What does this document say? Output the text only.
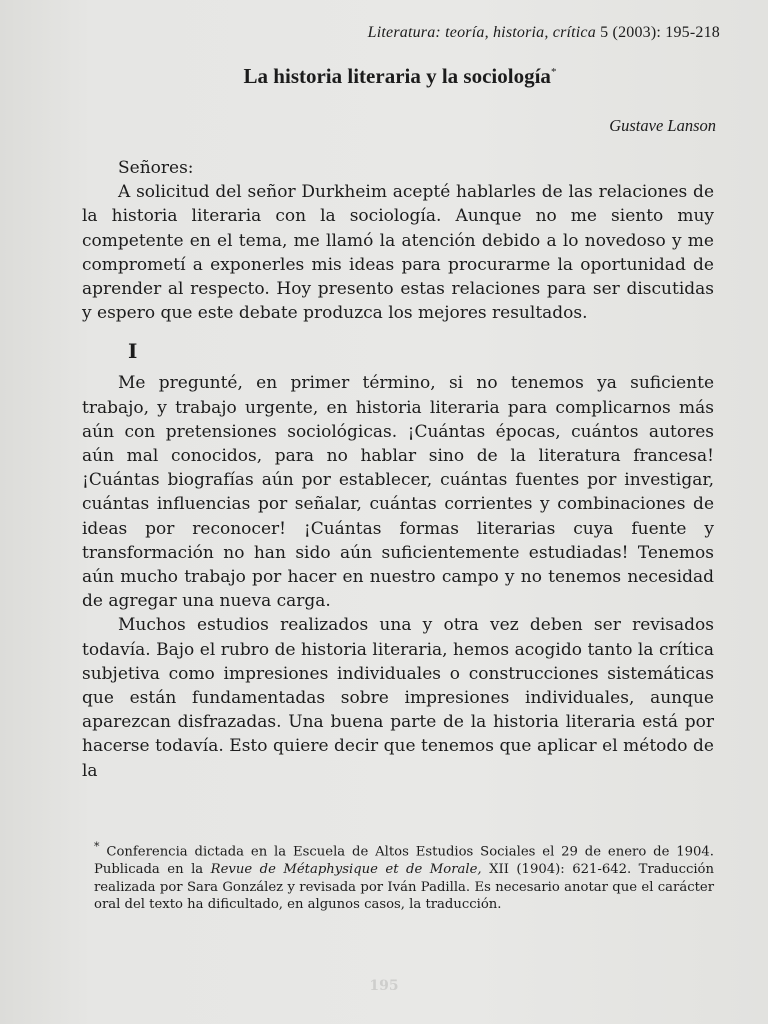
Literatura: teoría, historia, crítica 5 (2003): 195-218
La historia literaria y la sociología*
Gustave Lanson

Señores:

A solicitud del señor Durkheim acepté hablarles de las relaciones de la historia literaria con la sociología. Aunque no me siento muy competente en el tema, me llamó la atención debido a lo novedoso y me comprometí a exponerles mis ideas para procurarme la oportunidad de aprender al respecto. Hoy presento estas relaciones para ser discutidas y espero que este debate produzca los mejores resultados.

I

Me pregunté, en primer término, si no tenemos ya suficiente trabajo, y trabajo urgente, en historia literaria para complicarnos más aún con pretensiones sociológicas. ¡Cuántas épocas, cuántos autores aún mal conocidos, para no hablar sino de la literatura francesa! ¡Cuántas biografías aún por establecer, cuántas fuentes por investigar, cuántas influencias por señalar, cuántas corrientes y combinaciones de ideas por reconocer! ¡Cuántas formas literarias cuya fuente y transformación no han sido aún suficientemente estudiadas! Tenemos aún mucho trabajo por hacer en nuestro campo y no tenemos necesidad de agregar una nueva carga.

Muchos estudios realizados una y otra vez deben ser revisados todavía. Bajo el rubro de historia literaria, hemos acogido tanto la crítica subjetiva como impresiones individuales o construcciones sistemáticas que están fundamentadas sobre impresiones individuales, aunque aparezcan disfrazadas. Una buena parte de la historia literaria está por hacerse todavía. Esto quiere decir que tenemos que aplicar el método de la

* Conferencia dictada en la Escuela de Altos Estudios Sociales el 29 de enero de 1904. Publicada en la Revue de Métaphysique et de Morale, XII (1904): 621-642. Traducción realizada por Sara González y revisada por Iván Padilla. Es necesario anotar que el carácter oral del texto ha dificultado, en algunos casos, la traducción.
195
